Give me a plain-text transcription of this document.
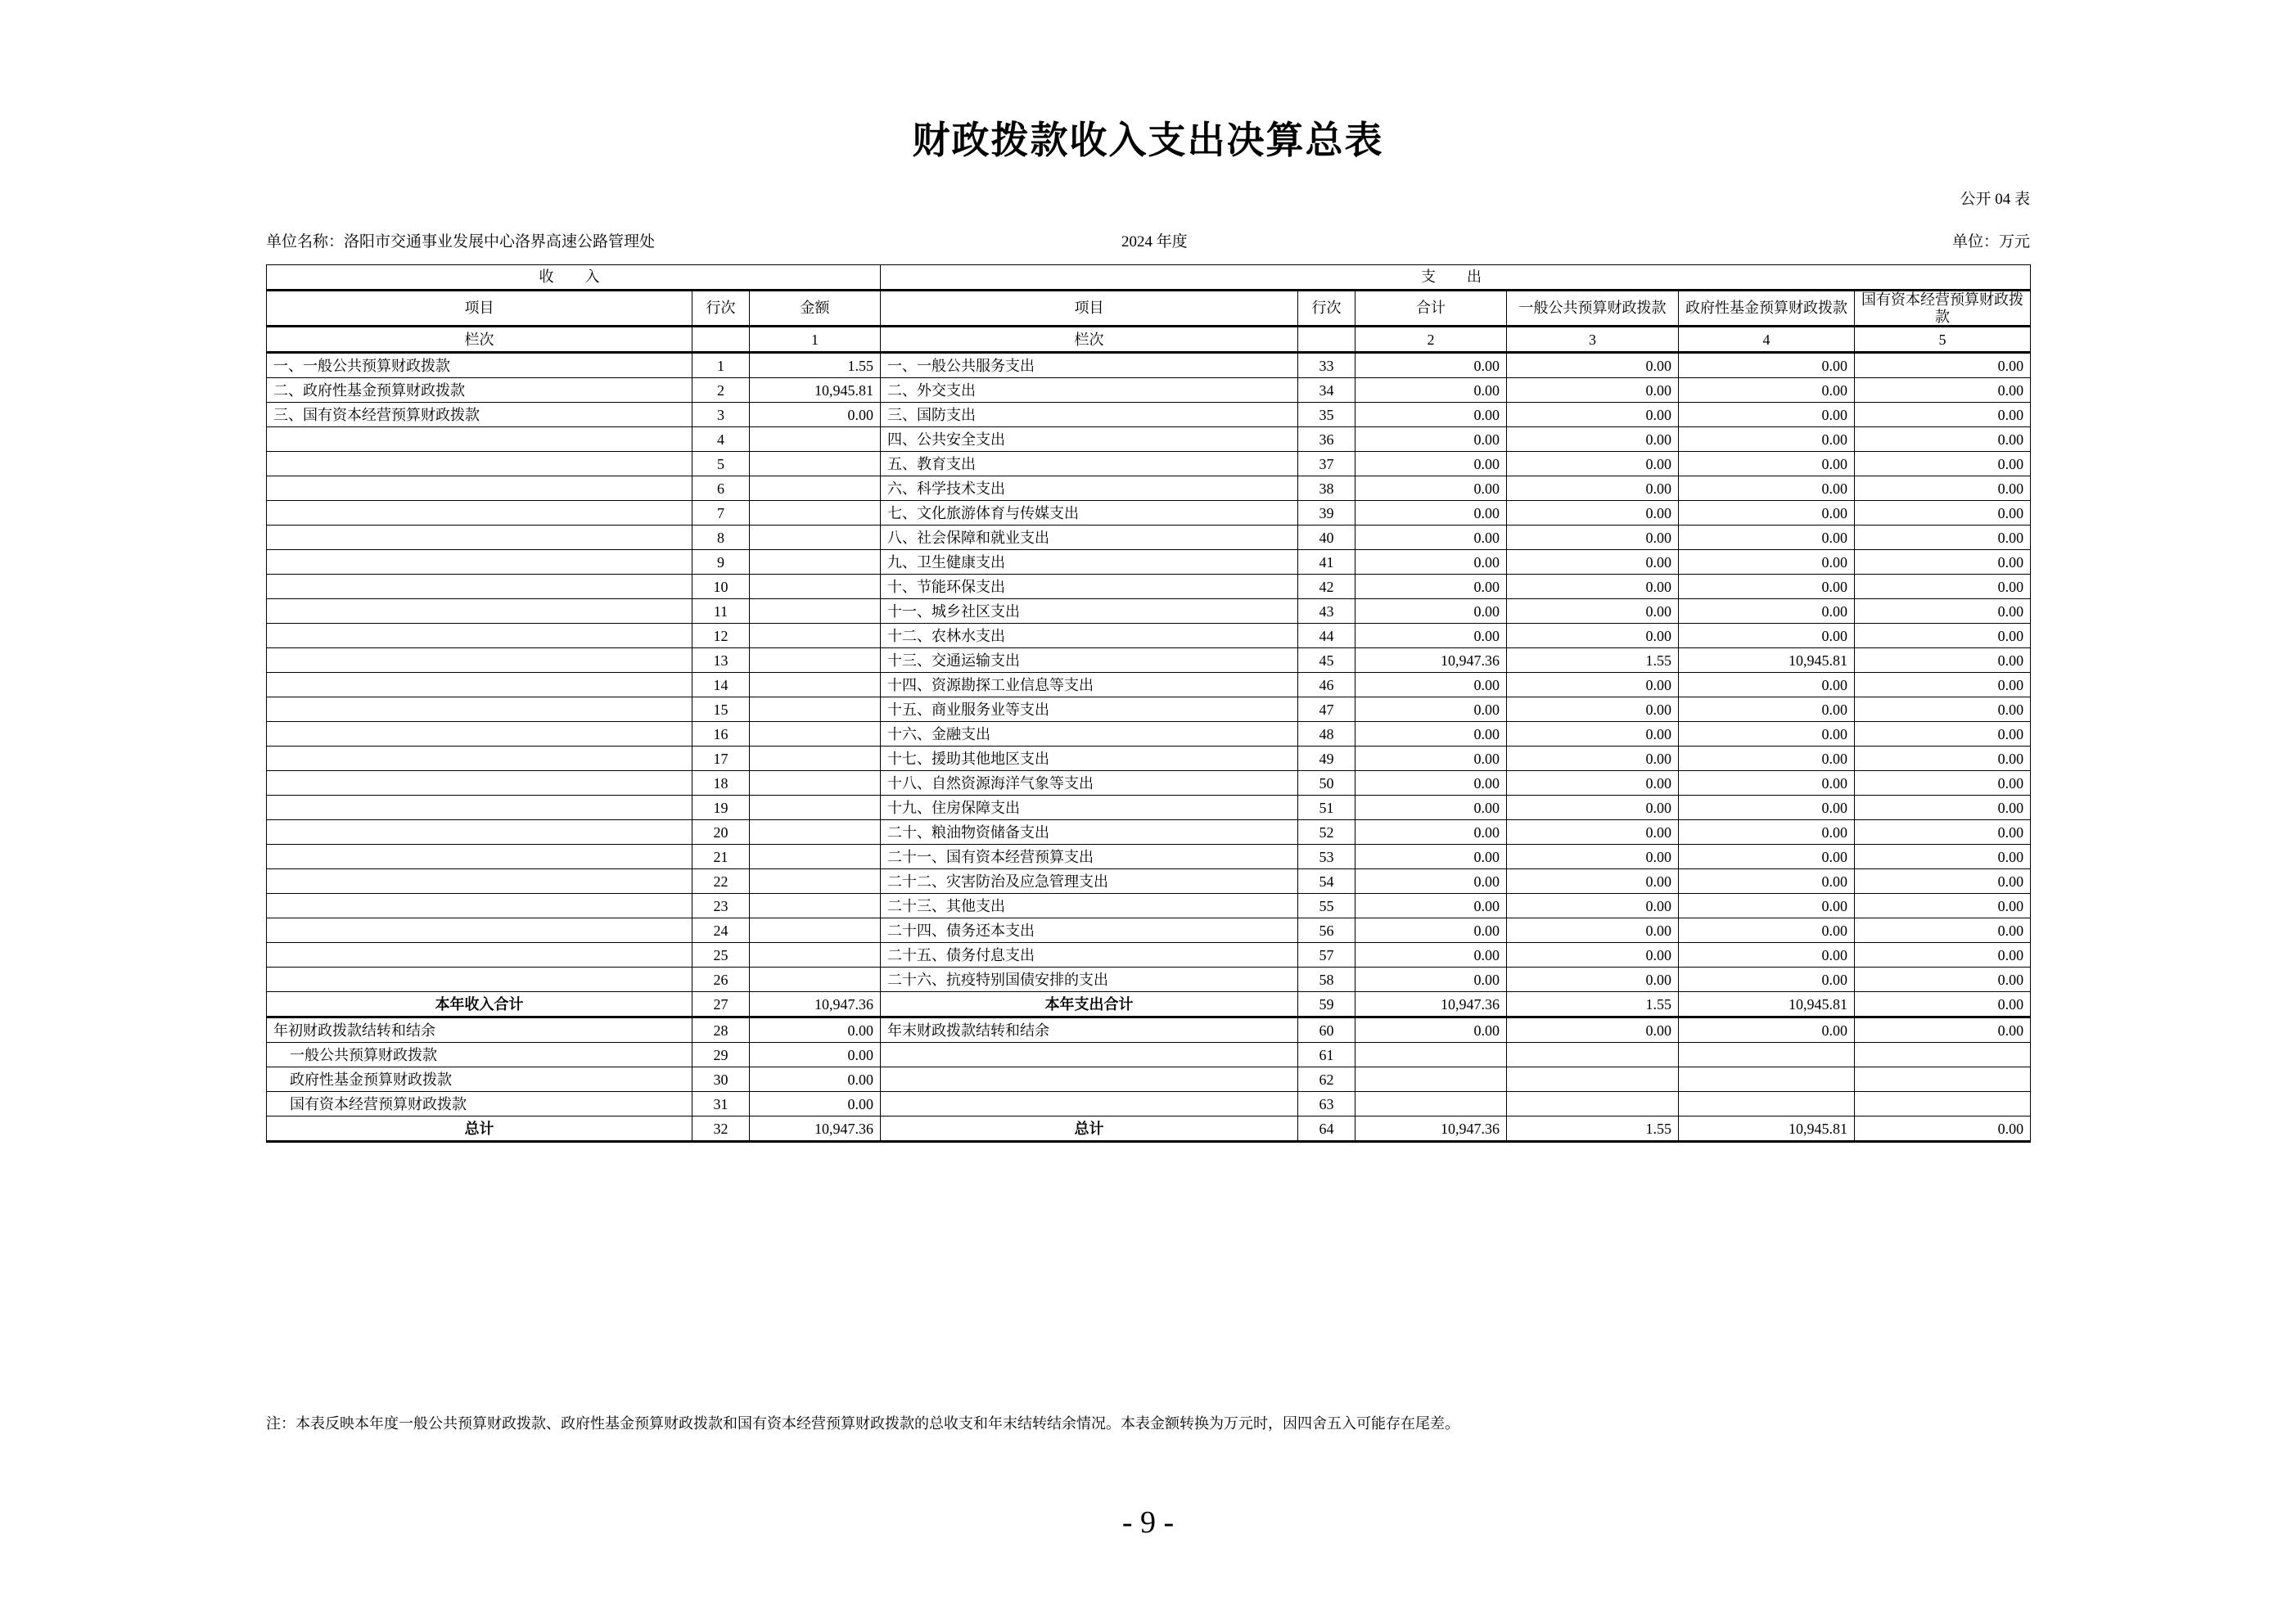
财政拨款收入支出决算总表
公开 04 表
单位名称：洛阳市交通事业发展中心洛界高速公路管理处	2024 年度	单位：万元
收　入			支　出					
项目	行次	金额	项目	行次	合计	一般公共预算财政拨款	政府性基金预算财政拨款	国有资本经营预算财政拨款
栏次		1	栏次		2	3	4	5
一、一般公共预算财政拨款	1	1.55	一、一般公共服务支出	33	0.00	0.00	0.00	0.00
二、政府性基金预算财政拨款	2	10,945.81	二、外交支出	34	0.00	0.00	0.00	0.00
三、国有资本经营预算财政拨款	3	0.00	三、国防支出	35	0.00	0.00	0.00	0.00
	4		四、公共安全支出	36	0.00	0.00	0.00	0.00
	5		五、教育支出	37	0.00	0.00	0.00	0.00
	6		六、科学技术支出	38	0.00	0.00	0.00	0.00
	7		七、文化旅游体育与传媒支出	39	0.00	0.00	0.00	0.00
	8		八、社会保障和就业支出	40	0.00	0.00	0.00	0.00
	9		九、卫生健康支出	41	0.00	0.00	0.00	0.00
	10		十、节能环保支出	42	0.00	0.00	0.00	0.00
	11		十一、城乡社区支出	43	0.00	0.00	0.00	0.00
	12		十二、农林水支出	44	0.00	0.00	0.00	0.00
	13		十三、交通运输支出	45	10,947.36	1.55	10,945.81	0.00
	14		十四、资源勘探工业信息等支出	46	0.00	0.00	0.00	0.00
	15		十五、商业服务业等支出	47	0.00	0.00	0.00	0.00
	16		十六、金融支出	48	0.00	0.00	0.00	0.00
	17		十七、援助其他地区支出	49	0.00	0.00	0.00	0.00
	18		十八、自然资源海洋气象等支出	50	0.00	0.00	0.00	0.00
	19		十九、住房保障支出	51	0.00	0.00	0.00	0.00
	20		二十、粮油物资储备支出	52	0.00	0.00	0.00	0.00
	21		二十一、国有资本经营预算支出	53	0.00	0.00	0.00	0.00
	22		二十二、灾害防治及应急管理支出	54	0.00	0.00	0.00	0.00
	23		二十三、其他支出	55	0.00	0.00	0.00	0.00
	24		二十四、债务还本支出	56	0.00	0.00	0.00	0.00
	25		二十五、债务付息支出	57	0.00	0.00	0.00	0.00
	26		二十六、抗疫特别国债安排的支出	58	0.00	0.00	0.00	0.00
本年收入合计	27	10,947.36	本年支出合计	59	10,947.36	1.55	10,945.81	0.00
年初财政拨款结转和结余	28	0.00	年末财政拨款结转和结余	60	0.00	0.00	0.00	0.00
一般公共预算财政拨款	29	0.00		61				
政府性基金预算财政拨款	30	0.00		62				
国有资本经营预算财政拨款	31	0.00		63				
总计	32	10,947.36	总计	64	10,947.36	1.55	10,945.81	0.00
注：本表反映本年度一般公共预算财政拨款、政府性基金预算财政拨款和国有资本经营预算财政拨款的总收支和年末结转结余情况。本表金额转换为万元时，因四舍五入可能存在尾差。
- 9 -
